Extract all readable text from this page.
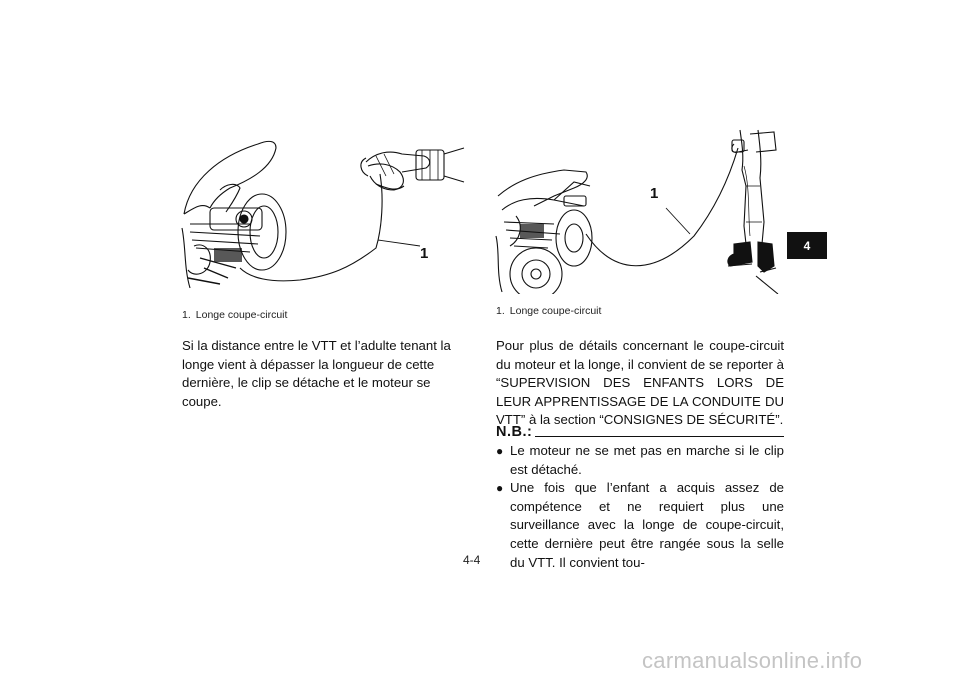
1
1. Longe coupe-circuit
1
1. Longe coupe-circuit

Si la distance entre le VTT et l’adulte tenant la longe vient à dépasser la longueur de cette dernière, le clip se détache et le moteur se coupe.

Pour plus de détails concernant le coupe-circuit du moteur et la longe, il convient de se reporter à “SUPERVISION DES ENFANTS LORS DE LEUR APPRENTISSAGE DE LA CONDUITE DU VTT” à la section “CONSIGNES DE SÉCURITÉ”.

N.B.:
● Le moteur ne se met pas en marche si le clip est détaché.
● Une fois que l’enfant a acquis assez de compétence et ne requiert plus une surveillance avec la longe de coupe-circuit, cette dernière peut être rangée sous la selle du VTT. Il convient tou-
4
4-4
carmanualsonline.info
